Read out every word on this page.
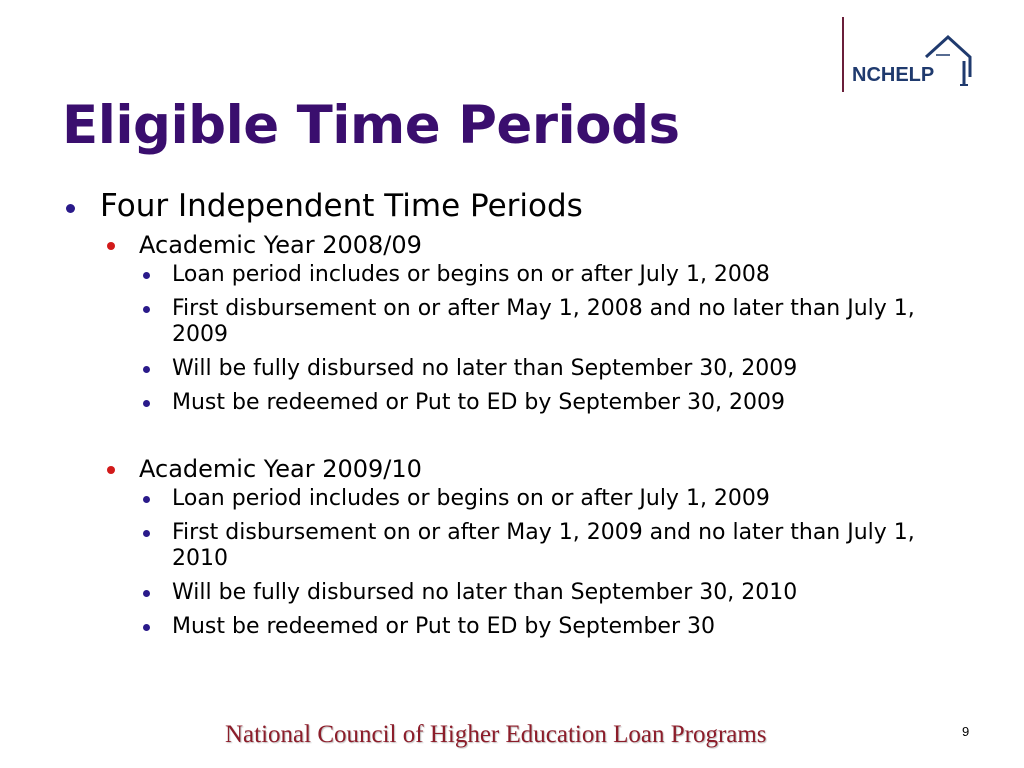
NCHELP
Eligible Time Periods
Four Independent Time Periods
Academic Year 2008/09
Loan period includes or begins on or after July 1, 2008
First disbursement on or after May 1, 2008 and no later than July 1, 2009
Will be fully disbursed no later than September 30, 2009
Must be redeemed or Put to ED by September 30, 2009
Academic Year 2009/10
Loan period includes or begins on or after July 1, 2009
First disbursement on or after May 1, 2009 and no later than July 1, 2010
Will be fully disbursed no later than September 30, 2010
Must be redeemed or Put to ED by September 30
National Council of Higher Education Loan Programs	9
